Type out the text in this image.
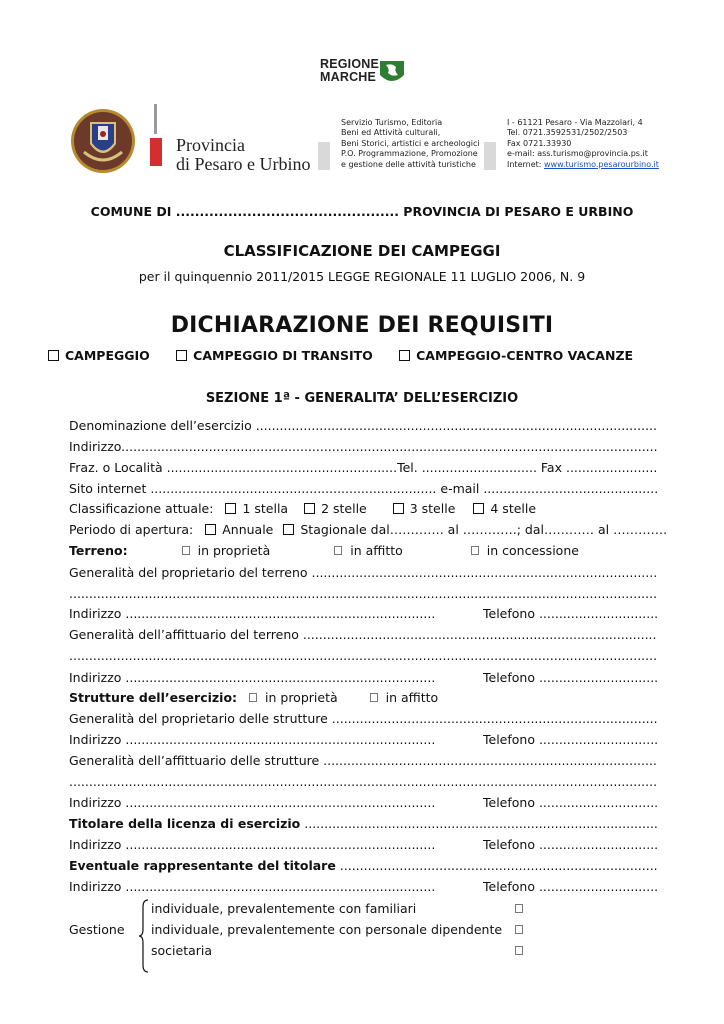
REGIONE
MARCHE
Provincia
di Pesaro e Urbino
Servizio Turismo, Editoria
Beni ed Attività culturali,
Beni Storici, artistici e archeologici
P.O. Programmazione, Promozione
e gestione delle attività turistiche
I - 61121 Pesaro - Via Mazzolari, 4
Tel. 0721.3592531/2502/2503
Fax 0721.33930
e-mail: ass.turismo@provincia.ps.it
Internet: www.turismo.pesarourbino.it
COMUNE DI ............................................... PROVINCIA DI PESARO E URBINO
CLASSIFICAZIONE DEI CAMPEGGI
per il quinquennio 2011/2015 LEGGE REGIONALE 11 LUGLIO 2006, N. 9
DICHIARAZIONE DEI REQUISITI
CAMPEGGIO	CAMPEGGIO DI TRANSITO	CAMPEGGIO-CENTRO VACANZE
SEZIONE 1ª - GENERALITA’ DELL’ESERCIZIO
Denominazione dell’esercizio .....................................................................................................
Indirizzo.......................................................................................................................................
Fraz. o Località ..........................................................Tel. ............................. Fax .......................
Sito internet ........................................................................ e-mail ............................................
Classificazione attuale: 1 stella	2 stelle	3 stelle	4 stelle
Periodo di apertura: Annuale Stagionale dal…………. al ………….; dal………… al ………….
Terreno:	in proprietà	in affitto	in concessione
Generalità del proprietario del terreno .......................................................................................
....................................................................................................................................................
Indirizzo ..............................................................................	Telefono ..............................
Generalità dell’affittuario del terreno .........................................................................................
....................................................................................................................................................
Indirizzo ..............................................................................	Telefono ..............................
Strutture dell’esercizio: in proprietà	in affitto
Generalità del proprietario delle strutture ..................................................................................
Indirizzo ..............................................................................	Telefono ..............................
Generalità dell’affittuario delle strutture ....................................................................................
....................................................................................................................................................
Indirizzo ..............................................................................	Telefono ..............................
Titolare della licenza di esercizio .........................................................................................
Indirizzo ..............................................................................	Telefono ..............................
Eventuale rappresentante del titolare ................................................................................
Indirizzo ..............................................................................	Telefono ..............................
Gestione
individuale, prevalentemente con familiari
individuale, prevalentemente con personale dipendente
societaria
